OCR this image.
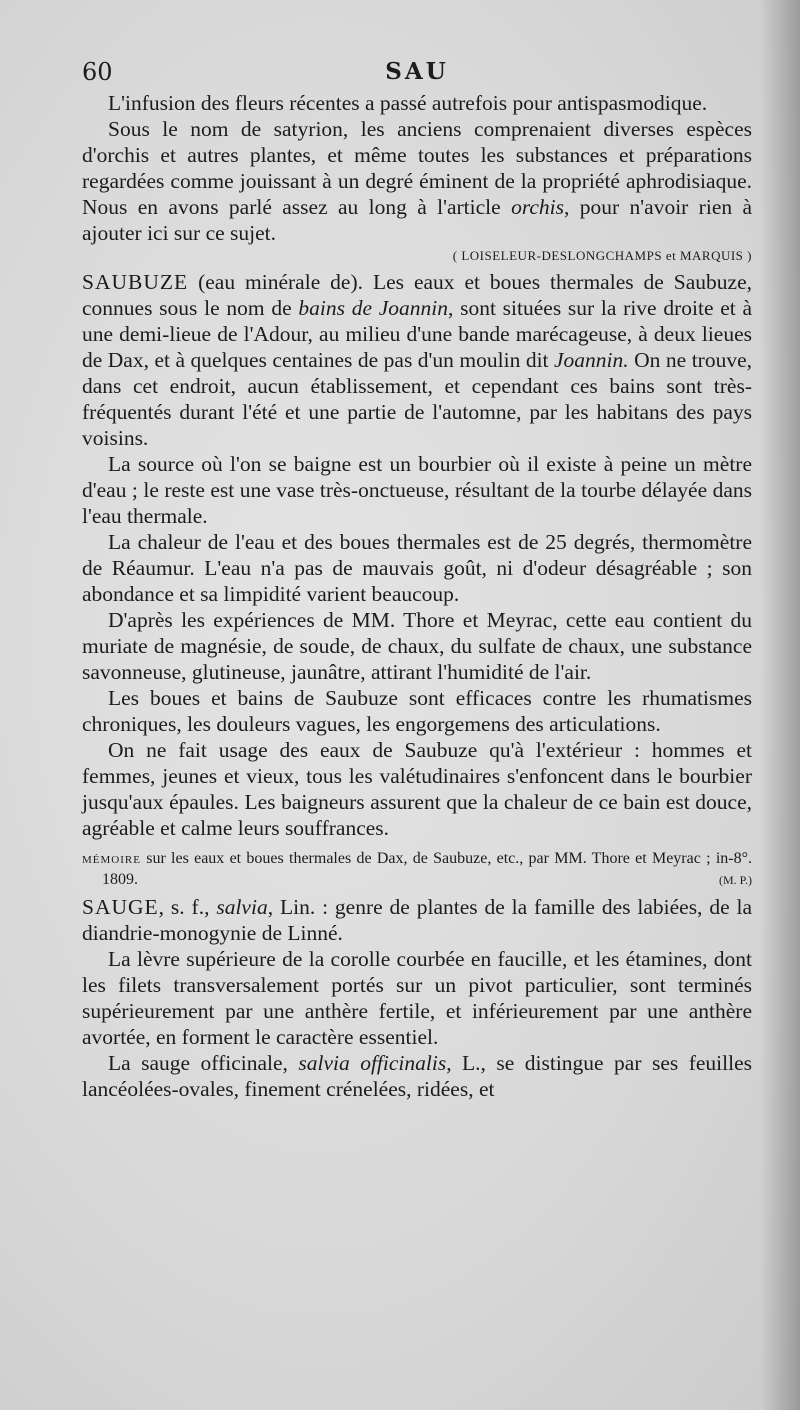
60	SAU

L'infusion des fleurs récentes a passé autrefois pour antispasmodique.

Sous le nom de satyrion, les anciens comprenaient diverses espèces d'orchis et autres plantes, et même toutes les substances et préparations regardées comme jouissant à un degré éminent de la propriété aphrodisiaque. Nous en avons parlé assez au long à l'article orchis, pour n'avoir rien à ajouter ici sur ce sujet.

( LOISELEUR-DESLONGCHAMPS et MARQUIS )

SAUBUZE (eau minérale de). Les eaux et boues thermales de Saubuze, connues sous le nom de bains de Joannin, sont situées sur la rive droite et à une demi-lieue de l'Adour, au milieu d'une bande marécageuse, à deux lieues de Dax, et à quelques centaines de pas d'un moulin dit Joannin. On ne trouve, dans cet endroit, aucun établissement, et cependant ces bains sont très-fréquentés durant l'été et une partie de l'automne, par les habitans des pays voisins.

La source où l'on se baigne est un bourbier où il existe à peine un mètre d'eau ; le reste est une vase très-onctueuse, résultant de la tourbe délayée dans l'eau thermale.

La chaleur de l'eau et des boues thermales est de 25 degrés, thermomètre de Réaumur. L'eau n'a pas de mauvais goût, ni d'odeur désagréable ; son abondance et sa limpidité varient beaucoup.

D'après les expériences de MM. Thore et Meyrac, cette eau contient du muriate de magnésie, de soude, de chaux, du sulfate de chaux, une substance savonneuse, glutineuse, jaunâtre, attirant l'humidité de l'air.

Les boues et bains de Saubuze sont efficaces contre les rhumatismes chroniques, les douleurs vagues, les engorgemens des articulations.

On ne fait usage des eaux de Saubuze qu'à l'extérieur : hommes et femmes, jeunes et vieux, tous les valétudinaires s'enfoncent dans le bourbier jusqu'aux épaules. Les baigneurs assurent que la chaleur de ce bain est douce, agréable et calme leurs souffrances.

MÉMOIRE sur les eaux et boues thermales de Dax, de Saubuze, etc., par MM. Thore et Meyrac ; in-8°. 1809.	(M. P.)

SAUGE, s. f., salvia, Lin. : genre de plantes de la famille des labiées, de la diandrie-monogynie de Linné.

La lèvre supérieure de la corolle courbée en faucille, et les étamines, dont les filets transversalement portés sur un pivot particulier, sont terminés supérieurement par une anthère fertile, et inférieurement par une anthère avortée, en forment le caractère essentiel.

La sauge officinale, salvia officinalis, L., se distingue par ses feuilles lancéolées-ovales, finement crénelées, ridées, et
